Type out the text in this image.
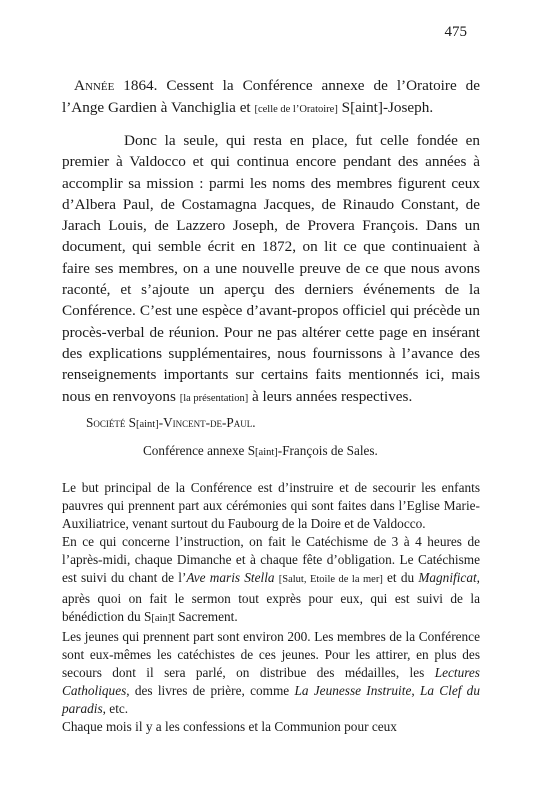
475

Année 1864. Cessent la Conférence annexe de l’Oratoire de l’Ange Gardien à Vanchiglia et [celle de l’Oratoire] S[aint]-Joseph.

Donc la seule, qui resta en place, fut celle fondée en premier à Valdocco et qui continua encore pendant des années à accomplir sa mission : parmi les noms des membres figurent ceux d’Albera Paul, de Costamagna Jacques, de Rinaudo Constant, de Jarach Louis, de Lazzero Joseph, de Provera François. Dans un document, qui semble écrit en 1872, on lit ce que continuaient à faire ses membres, on a une nouvelle preuve de ce que nous avons raconté, et s’ajoute un aperçu des derniers événements de la Conférence. C’est une espèce d’avant-propos officiel qui précède un procès-verbal de réunion. Pour ne pas altérer cette page en insérant des explications supplémentaires, nous fournissons à l’avance des renseignements importants sur certains faits mentionnés ici, mais nous en renvoyons [la présentation] à leurs années respectives.

Société S[aint]-Vincent-de-Paul.
Conférence annexe S[aint]-François de Sales.
Le but principal de la Conférence est d’instruire et de secourir les enfants pauvres qui prennent part aux cérémonies qui sont faites dans l’Eglise Marie-Auxiliatrice, venant surtout du Faubourg de la Doire et de Valdocco.
En ce qui concerne l’instruction, on fait le Catéchisme de 3 à 4 heures de l’après-midi, chaque Dimanche et à chaque fête d’obligation. Le Catéchisme est suivi du chant de l’Ave maris Stella [Salut, Etoile de la mer] et du Magnificat, après quoi on fait le sermon tout exprès pour eux, qui est suivi de la bénédiction du S[ain]t Sacrement.
Les jeunes qui prennent part sont environ 200. Les membres de la Conférence sont eux-mêmes les catéchistes de ces jeunes. Pour les attirer, en plus des secours dont il sera parlé, on distribue des médailles, les Lectures Catholiques, des livres de prière, comme La Jeunesse Instruite, La Clef du paradis, etc.
Chaque mois il y a les confessions et la Communion pour ceux
